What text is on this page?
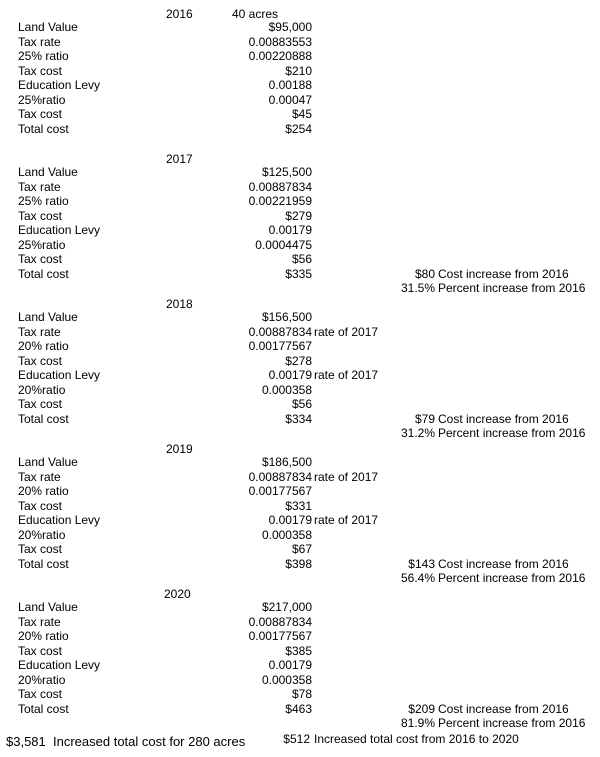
2016	40 acres
Land Value	$95,000
Tax rate	0.00883553
25% ratio	0.00220888
Tax cost	$210
Education Levy	0.00188
25%ratio	0.00047
Tax cost	$45
Total cost	$254
2017
Land Value	$125,500
Tax rate	0.00887834
25% ratio	0.00221959
Tax cost	$279
Education Levy	0.00179
25%ratio	0.0004475
Tax cost	$56
Total cost	$335	$80 Cost increase from 2016
31.5% Percent increase from 2016
2018
Land Value	$156,500
Tax rate	0.00887834 rate of 2017
20% ratio	0.00177567
Tax cost	$278
Education Levy	0.00179 rate of 2017
20%ratio	0.000358
Tax cost	$56
Total cost	$334	$79 Cost increase from 2016
31.2% Percent increase from 2016
2019
Land Value	$186,500
Tax rate	0.00887834 rate of 2017
20% ratio	0.00177567
Tax cost	$331
Education Levy	0.00179 rate of 2017
20%ratio	0.000358
Tax cost	$67
Total cost	$398	$143 Cost increase from 2016
56.4% Percent increase from 2016
2020
Land Value	$217,000
Tax rate	0.00887834
20% ratio	0.00177567
Tax cost	$385
Education Levy	0.00179
20%ratio	0.000358
Tax cost	$78
Total cost	$463	$209 Cost increase from 2016
81.9% Percent increase from 2016
$3,581 Increased total cost for 280 acres	$512 Increased total cost from 2016 to 2020
